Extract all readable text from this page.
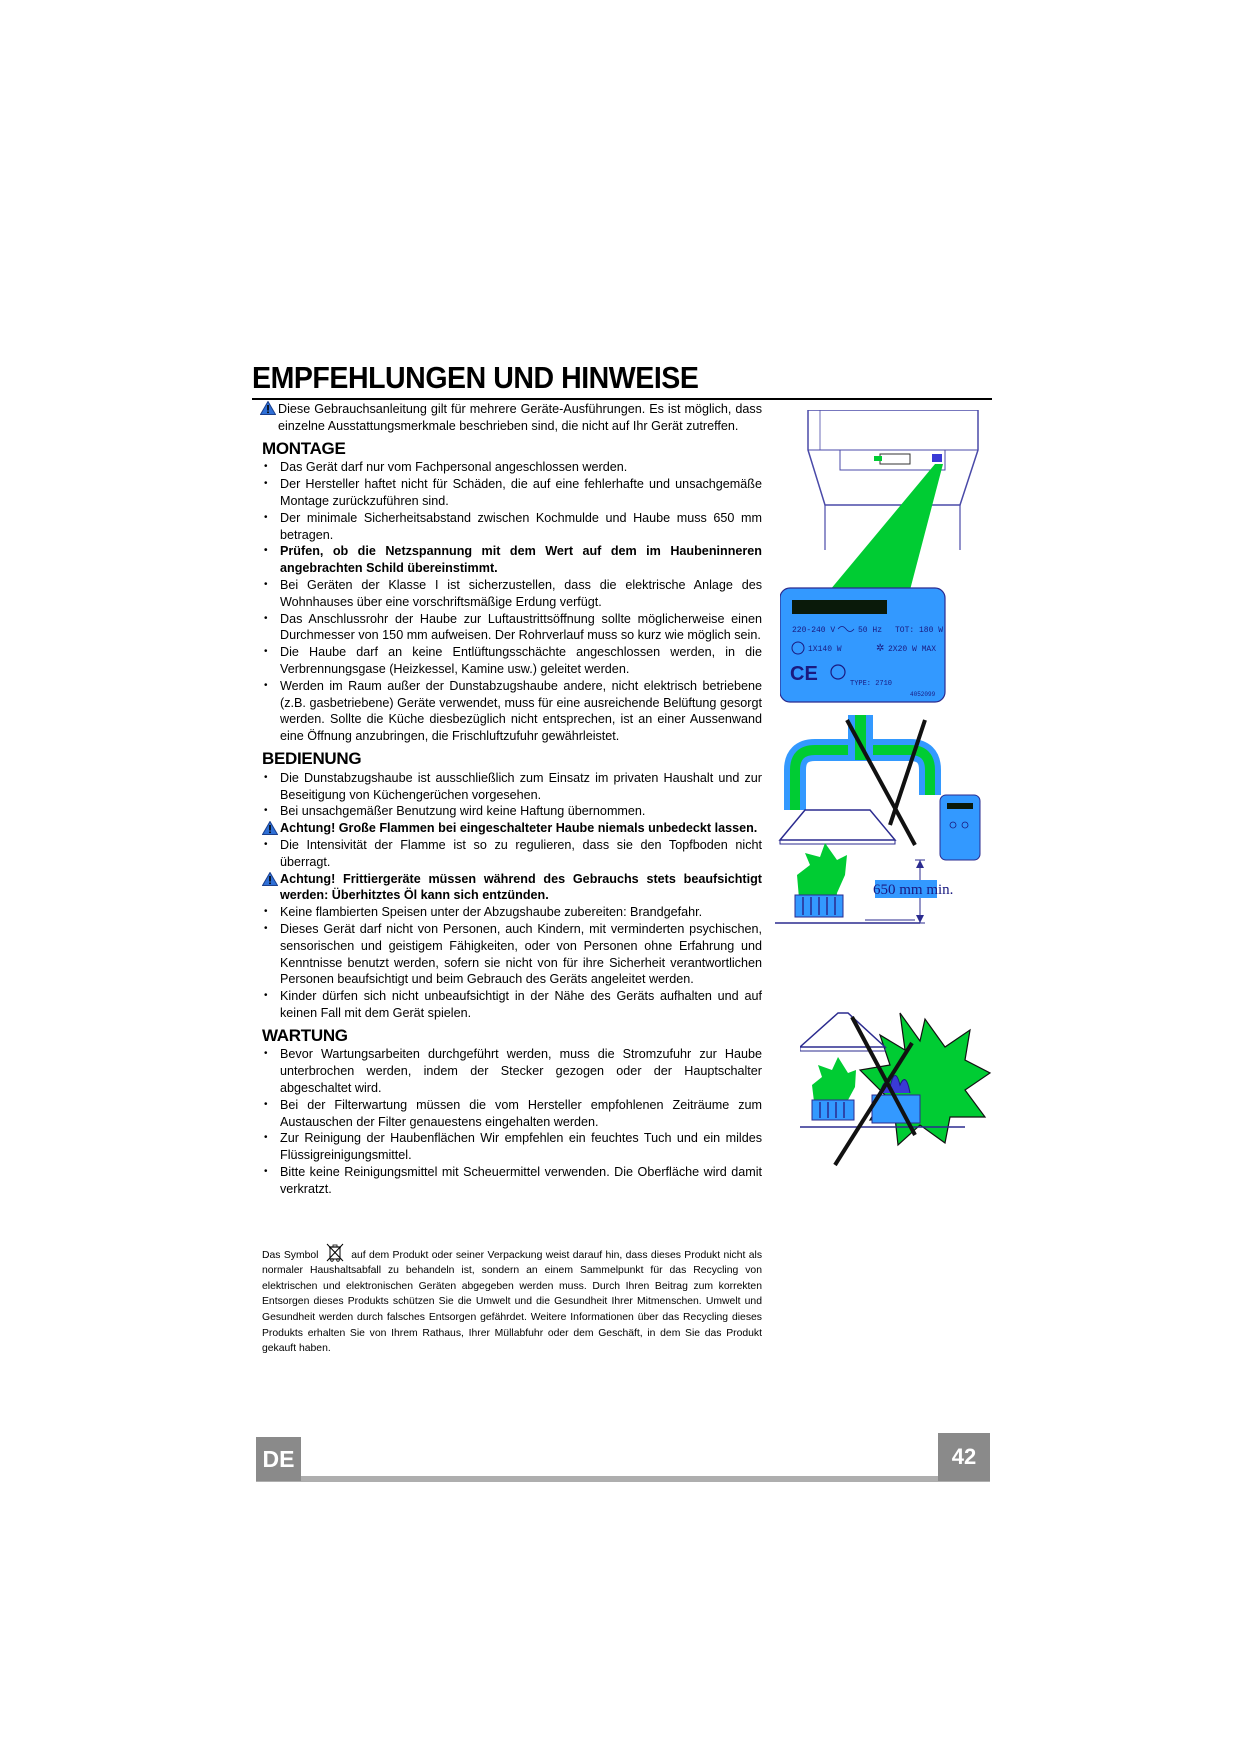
EMPFEHLUNGEN UND HINWEISE

Diese Gebrauchsanleitung gilt für mehrere Geräte-Ausführungen. Es ist möglich, dass einzelne Ausstattungsmerkmale beschrieben sind, die nicht auf Ihr Gerät zutreffen.

MONTAGE
• Das Gerät darf nur vom Fachpersonal angeschlossen werden.
• Der Hersteller haftet nicht für Schäden, die auf eine fehlerhafte und unsachgemäße Montage zurückzuführen sind.
• Der minimale Sicherheitsabstand zwischen Kochmulde und Haube muss 650 mm betragen.
• Prüfen, ob die Netzspannung mit dem Wert auf dem im Haubeninneren angebrachten Schild übereinstimmt.
• Bei Geräten der Klasse I ist sicherzustellen, dass die elektrische Anlage des Wohnhauses über eine vorschriftsmäßige Erdung verfügt.
• Das Anschlussrohr der Haube zur Luftaustrittsöffnung sollte möglicherweise einen Durchmesser von 150 mm aufweisen. Der Rohrverlauf muss so kurz wie möglich sein.
• Die Haube darf an keine Entlüftungsschächte angeschlossen werden, in die Verbrennungsgase (Heizkessel, Kamine usw.) geleitet werden.
• Werden im Raum außer der Dunstabzugshaube andere, nicht elektrisch betriebene (z.B. gasbetriebene) Geräte verwendet, muss für eine ausreichende Belüftung gesorgt werden. Sollte die Küche diesbezüglich nicht entsprechen, ist an einer Aussenwand eine Öffnung anzubringen, die Frischluftzufuhr gewährleistet.
BEDIENUNG
• Die Dunstabzugshaube ist ausschließlich zum Einsatz im privaten Haushalt und zur Beseitigung von Küchengerüchen vorgesehen.
• Bei unsachgemäßer Benutzung wird keine Haftung übernommen.
Achtung! Große Flammen bei eingeschalteter Haube niemals unbedeckt lassen.
• Die Intensivität der Flamme ist so zu regulieren, dass sie den Topfboden nicht überragt.
Achtung! Frittiergeräte müssen während des Gebrauchs stets beaufsichtigt werden: Überhitztes Öl kann sich entzünden.
• Keine flambierten Speisen unter der Abzugshaube zubereiten: Brandgefahr.
• Dieses Gerät darf nicht von Personen, auch Kindern, mit verminderten psychischen, sensorischen und geistigem Fähigkeiten, oder von Personen ohne Erfahrung und Kenntnisse benutzt werden, sofern sie nicht von für ihre Sicherheit verantwortlichen Personen beaufsichtigt und beim Gebrauch des Geräts angeleitet werden.
• Kinder dürfen sich nicht unbeaufsichtigt in der Nähe des Geräts aufhalten und auf keinen Fall mit dem Gerät spielen.
WARTUNG
• Bevor Wartungsarbeiten durchgeführt werden, muss die Stromzufuhr zur Haube unterbrochen werden, indem der Stecker gezogen oder der Hauptschalter abgeschaltet wird.
• Bei der Filterwartung müssen die vom Hersteller empfohlenen Zeiträume zum Austauschen der Filter genauestens eingehalten werden.
• Zur Reinigung der Haubenflächen Wir empfehlen ein feuchtes Tuch und ein mildes Flüssigreinigungsmittel.
• Bitte keine Reinigungsmittel mit Scheuermittel verwenden. Die Oberfläche wird damit verkratzt.

Das Symbol	auf dem Produkt oder seiner Verpackung weist darauf hin, dass dieses Produkt nicht als normaler Haushaltsabfall zu behandeln ist, sondern an einem Sammelpunkt für das Recycling von elektrischen und elektronischen Geräten abgegeben werden muss. Durch Ihren Beitrag zum korrekten Entsorgen dieses Produkts schützen Sie die Umwelt und die Gesundheit Ihrer Mitmenschen. Umwelt und Gesundheit werden durch falsches Entsorgen gefährdet. Weitere Informationen über das Recycling dieses Produkts erhalten Sie von Ihrem Rathaus, Ihrer Müllabfuhr oder dem Geschäft, in dem Sie das Produkt gekauft haben.

220-240 V	50 Hz TOT: 180 W
1X140 W	✲ 2X20 W MAX
CE	TYPE: 2710
4052099
650 mm min.
DE	42
